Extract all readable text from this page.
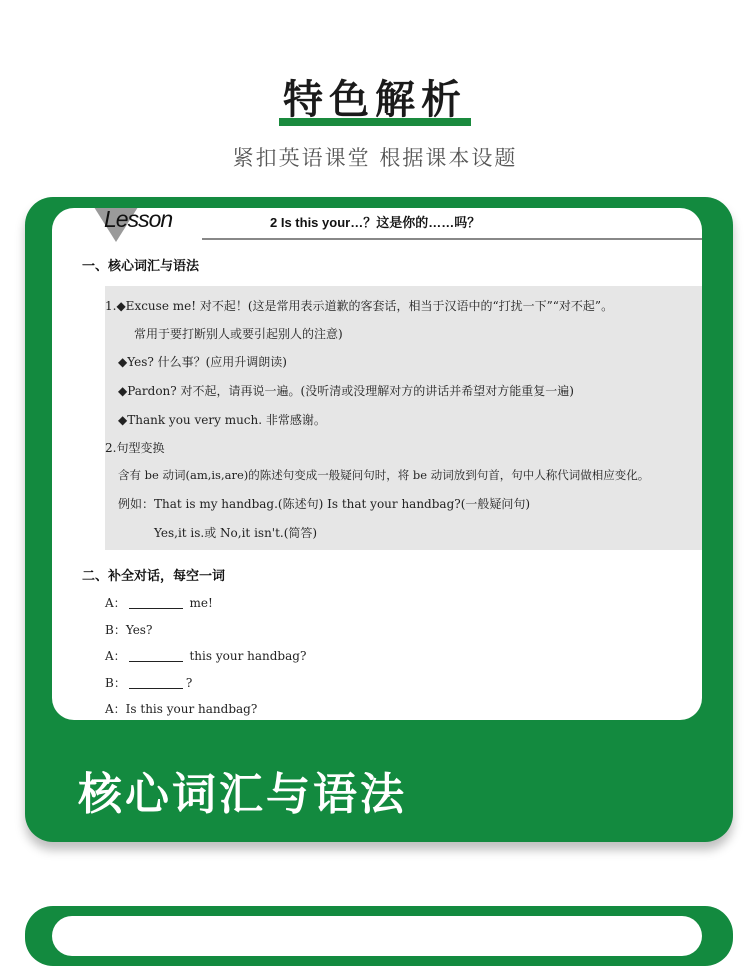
特色解析
紧扣英语课堂 根据课本设题
Lesson	2 Is this your…？这是你的……吗？
一、核心词汇与语法
1.◆Excuse me! 对不起！(这是常用表示道歉的客套话，相当于汉语中的“打扰一下”“对不起”。
常用于要打断别人或要引起别人的注意)
◆Yes? 什么事？(应用升调朗读)
◆Pardon? 对不起，请再说一遍。(没听清或没理解对方的讲话并希望对方能重复一遍)
◆Thank you very much. 非常感谢。
2.句型变换
含有 be 动词(am,is,are)的陈述句变成一般疑问句时，将 be 动词放到句首，句中人称代词做相应变化。
例如：That is my handbag.(陈述句) Is that your handbag?(一般疑问句)
Yes,it is.或 No,it isn't.(简答)
二、补全对话，每空一词
A：	me!
B：Yes?
A：	this your handbag?
B：	?
A：Is this your handbag?
核心词汇与语法
